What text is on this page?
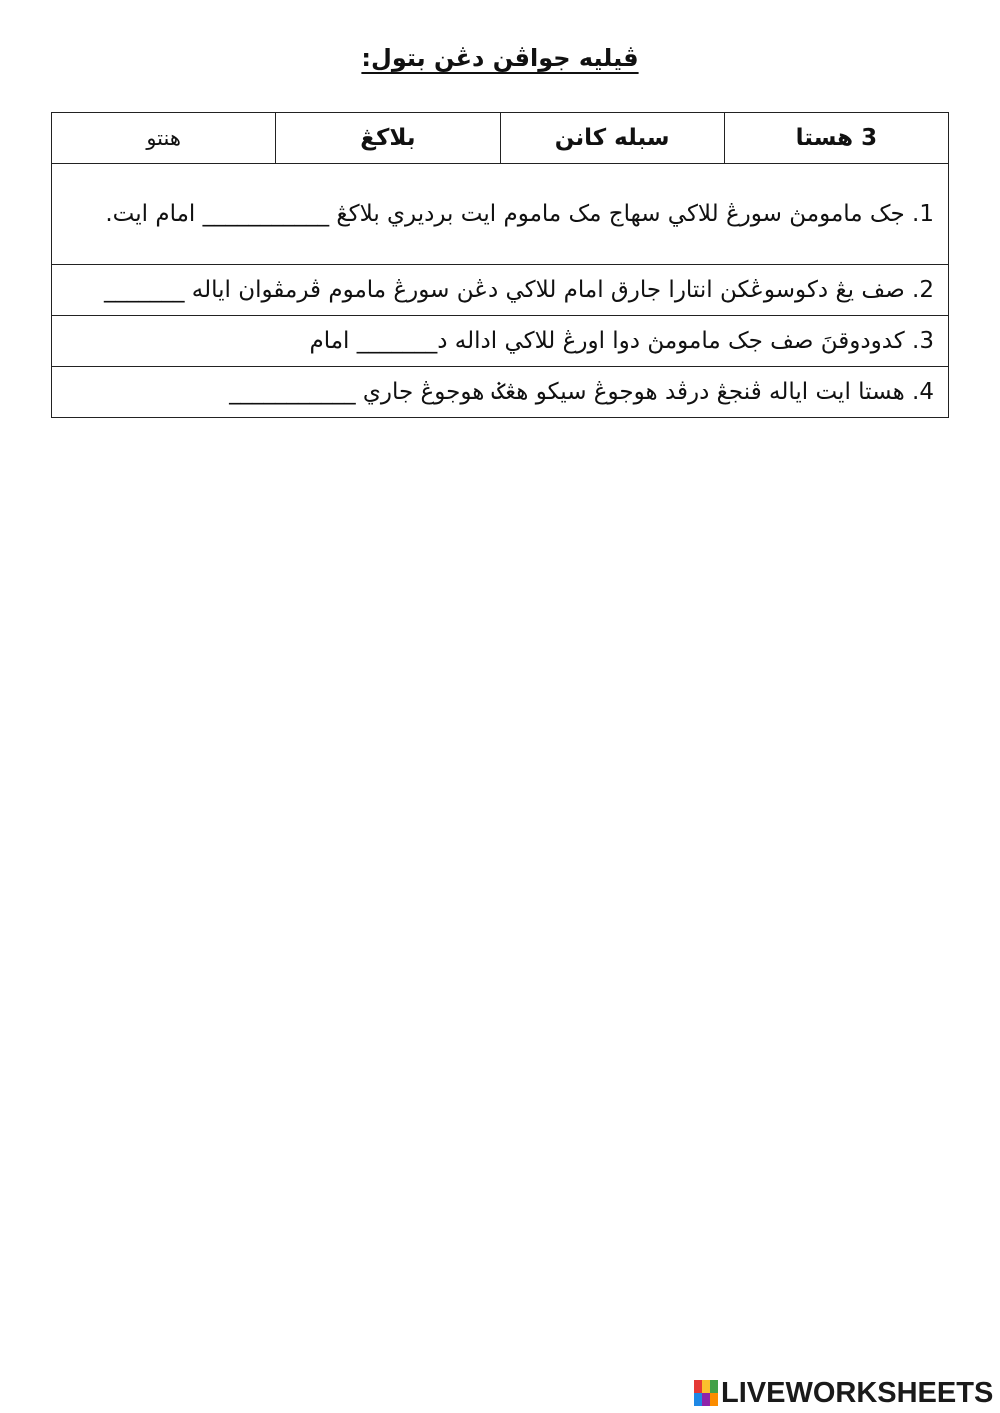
ڤيليه جواڤن دڠن بتول:
3 هستا	سبله كانن	بلاكڠ	هنتو
1. جک مامومڽ سورڠ للاکي سهاج مک ماموم ايت برديري بلاکڠ ___________ امام ايت.
2. صف يڠ دکوسوڠکن انتارا جارق امام للاکي دڠن سورڠ ماموم ڤرمڤوان اياله _______
3. کدودوقنَ صف جک مامومڽ دوا اورڠ للاکي اداله د_______ امام
4. هستا ايت اياله ڤنجڠ درڤد هوجوڠ سيکو هڠݢ هوجوڠ جاري ___________
LIVEWORKSHEETS
